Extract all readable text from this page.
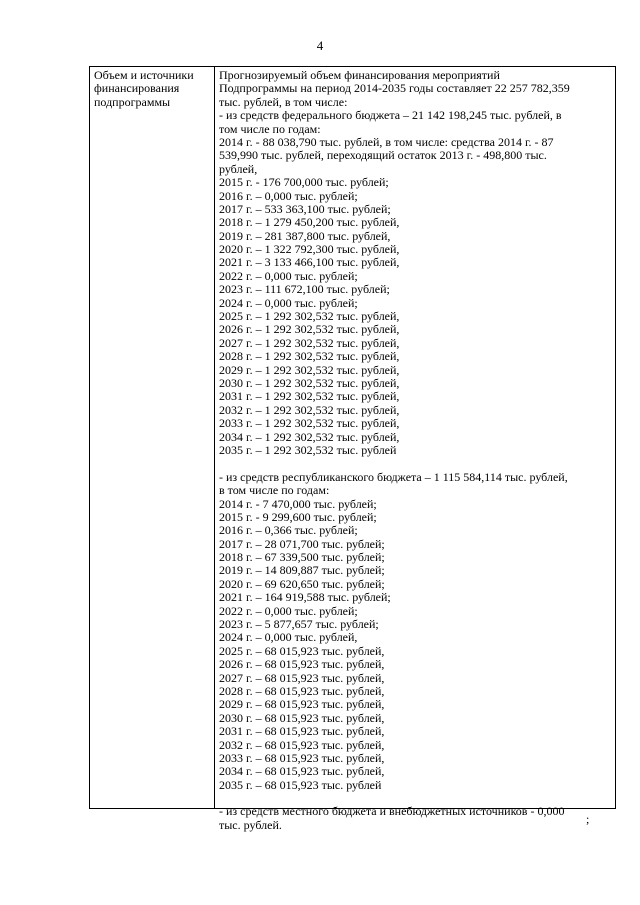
4
Объем и источники
финансирования
подпрограммы
Прогнозируемый объем финансирования мероприятий
Подпрограммы на период 2014-2035 годы составляет 22 257 782,359
тыс. рублей, в том числе:
- из средств федерального бюджета – 21 142 198,245 тыс. рублей, в
том числе по годам:
2014 г. - 88 038,790 тыс. рублей, в том числе: средства 2014 г. - 87
539,990 тыс. рублей, переходящий остаток 2013 г. - 498,800 тыс.
рублей,
2015 г. - 176 700,000 тыс. рублей;
2016 г. – 0,000 тыс. рублей;
2017 г. – 533 363,100 тыс. рублей;
2018 г. – 1 279 450,200 тыс. рублей,
2019 г. – 281 387,800 тыс. рублей,
2020 г. – 1 322 792,300 тыс. рублей,
2021 г. – 3 133 466,100 тыс. рублей,
2022 г. – 0,000 тыс. рублей;
2023 г. – 111 672,100 тыс. рублей;
2024 г. – 0,000 тыс. рублей;
2025 г. – 1 292 302,532 тыс. рублей,
2026 г. – 1 292 302,532 тыс. рублей,
2027 г. – 1 292 302,532 тыс. рублей,
2028 г. – 1 292 302,532 тыс. рублей,
2029 г. – 1 292 302,532 тыс. рублей,
2030 г. – 1 292 302,532 тыс. рублей,
2031 г. – 1 292 302,532 тыс. рублей,
2032 г. – 1 292 302,532 тыс. рублей,
2033 г. – 1 292 302,532 тыс. рублей,
2034 г. – 1 292 302,532 тыс. рублей,
2035 г. – 1 292 302,532 тыс. рублей
- из средств республиканского бюджета – 1 115 584,114 тыс. рублей,
в том числе по годам:
2014 г. - 7 470,000 тыс. рублей;
2015 г. - 9 299,600 тыс. рублей;
2016 г. – 0,366 тыс. рублей;
2017 г. – 28 071,700 тыс. рублей;
2018 г. – 67 339,500 тыс. рублей;
2019 г. – 14 809,887 тыс. рублей;
2020 г. – 69 620,650 тыс. рублей;
2021 г. – 164 919,588 тыс. рублей;
2022 г. – 0,000 тыс. рублей;
2023 г. – 5 877,657 тыс. рублей;
2024 г. – 0,000 тыс. рублей,
2025 г. – 68 015,923 тыс. рублей,
2026 г. – 68 015,923 тыс. рублей,
2027 г. – 68 015,923 тыс. рублей,
2028 г. – 68 015,923 тыс. рублей,
2029 г. – 68 015,923 тыс. рублей,
2030 г. – 68 015,923 тыс. рублей,
2031 г. – 68 015,923 тыс. рублей,
2032 г. – 68 015,923 тыс. рублей,
2033 г. – 68 015,923 тыс. рублей,
2034 г. – 68 015,923 тыс. рублей,
2035 г. – 68 015,923 тыс. рублей
- из средств местного бюджета и внебюджетных источников - 0,000
тыс. рублей.	;
